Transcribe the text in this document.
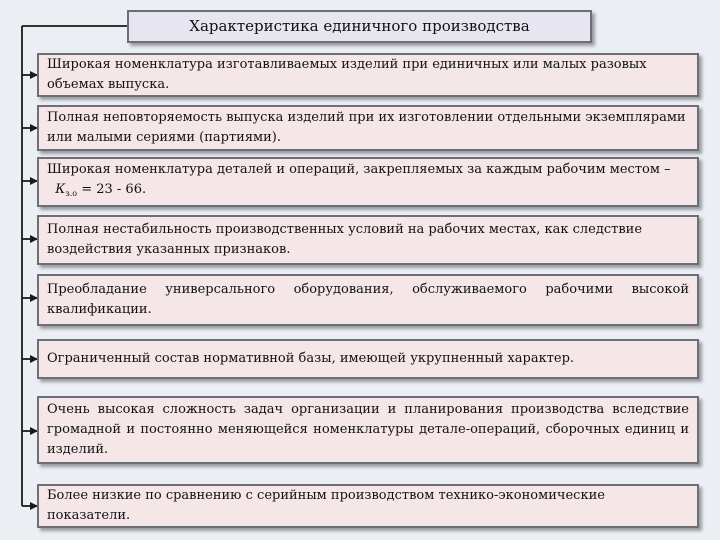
Характеристика единичного производства
Широкая номенклатура изготавливаемых изделий при единичных или малых разовых объемах выпуска.
Полная неповторяемость выпуска изделий при их изготовлении отдельными экземплярами или малыми сериями (партиями).
Широкая номенклатура деталей и операций, закрепляемых за каждым рабочим местом –
$К_{з.о} = 23 - 66$.
Полная нестабильность производственных условий на рабочих местах, как следствие воздействия указанных признаков.
Преобладание универсального оборудования, обслуживаемого рабочими высокой квалификации.
Ограниченный состав нормативной базы, имеющей укрупненный характер.
Очень высокая сложность задач организации и планирования производства вследствие громадной и постоянно меняющейся номенклатуры детале-операций, сборочных единиц и изделий.
Более низкие по сравнению с серийным производством технико-экономические показатели.
